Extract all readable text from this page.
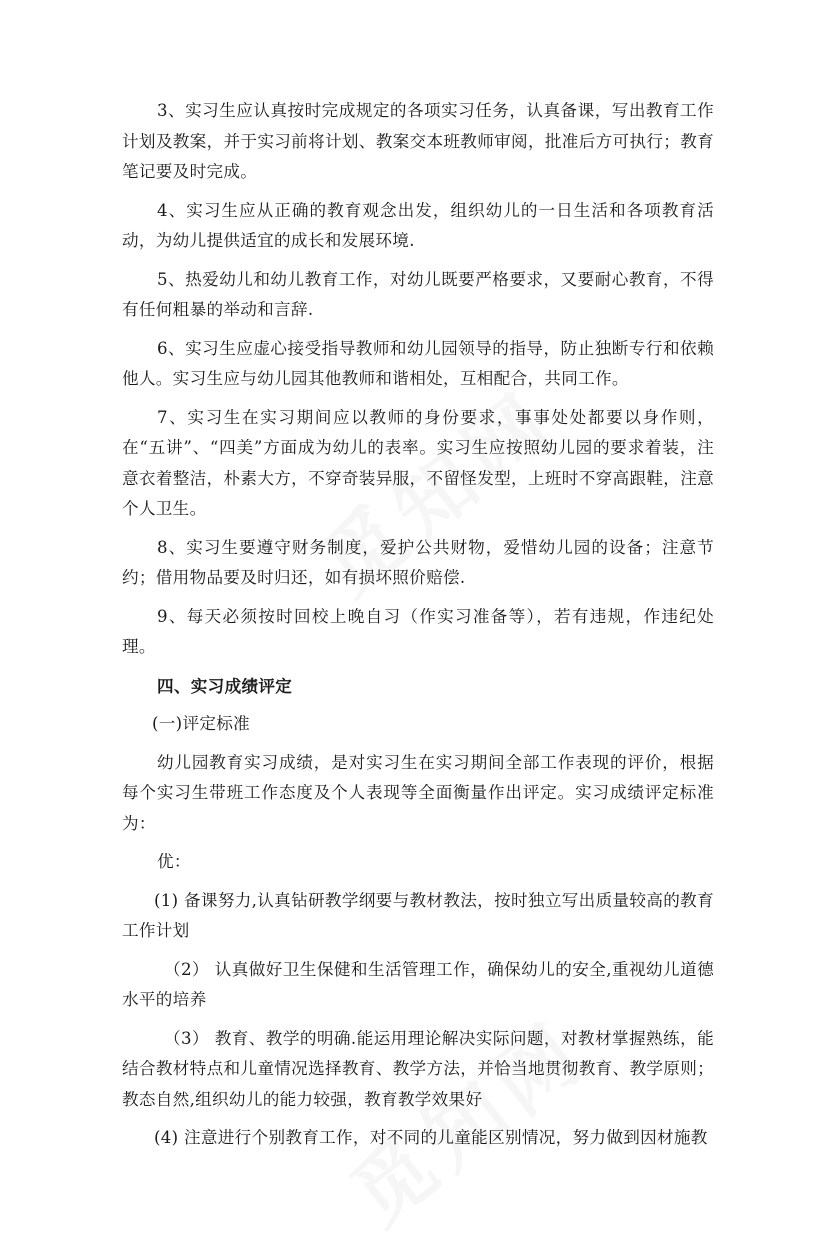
3、实习生应认真按时完成规定的各项实习任务，认真备课，写出教育工作计划及教案，并于实习前将计划、教案交本班教师审阅，批准后方可执行；教育笔记要及时完成。

4、实习生应从正确的教育观念出发，组织幼儿的一日生活和各项教育活动，为幼儿提供适宜的成长和发展环境.

5、热爱幼儿和幼儿教育工作，对幼儿既要严格要求，又要耐心教育，不得有任何粗暴的举动和言辞.

6、实习生应虚心接受指导教师和幼儿园领导的指导，防止独断专行和依赖他人。实习生应与幼儿园其他教师和谐相处，互相配合，共同工作。

7、实习生在实习期间应以教师的身份要求，事事处处都要以身作则，在“五讲”、“四美”方面成为幼儿的表率。实习生应按照幼儿园的要求着装，注意衣着整洁，朴素大方，不穿奇装异服，不留怪发型，上班时不穿高跟鞋，注意个人卫生。

8、实习生要遵守财务制度，爱护公共财物，爱惜幼儿园的设备；注意节约；借用物品要及时归还，如有损坏照价赔偿.

9、每天必须按时回校上晚自习（作实习准备等），若有违规，作违纪处理。

四、实习成绩评定

(一)评定标准

幼儿园教育实习成绩，是对实习生在实习期间全部工作表现的评价，根据每个实习生带班工作态度及个人表现等全面衡量作出评定。实习成绩评定标准为：

优：

(1) 备课努力,认真钻研教学纲要与教材教法，按时独立写出质量较高的教育工作计划

（2） 认真做好卫生保健和生活管理工作，确保幼儿的安全,重视幼儿道德水平的培养

（3） 教育、教学的明确.能运用理论解决实际问题，对教材掌握熟练，能结合教材特点和儿童情况选择教育、教学方法，并恰当地贯彻教育、教学原则；教态自然,组织幼儿的能力较强，教育教学效果好

(4) 注意进行个别教育工作，对不同的儿童能区别情况，努力做到因材施教
